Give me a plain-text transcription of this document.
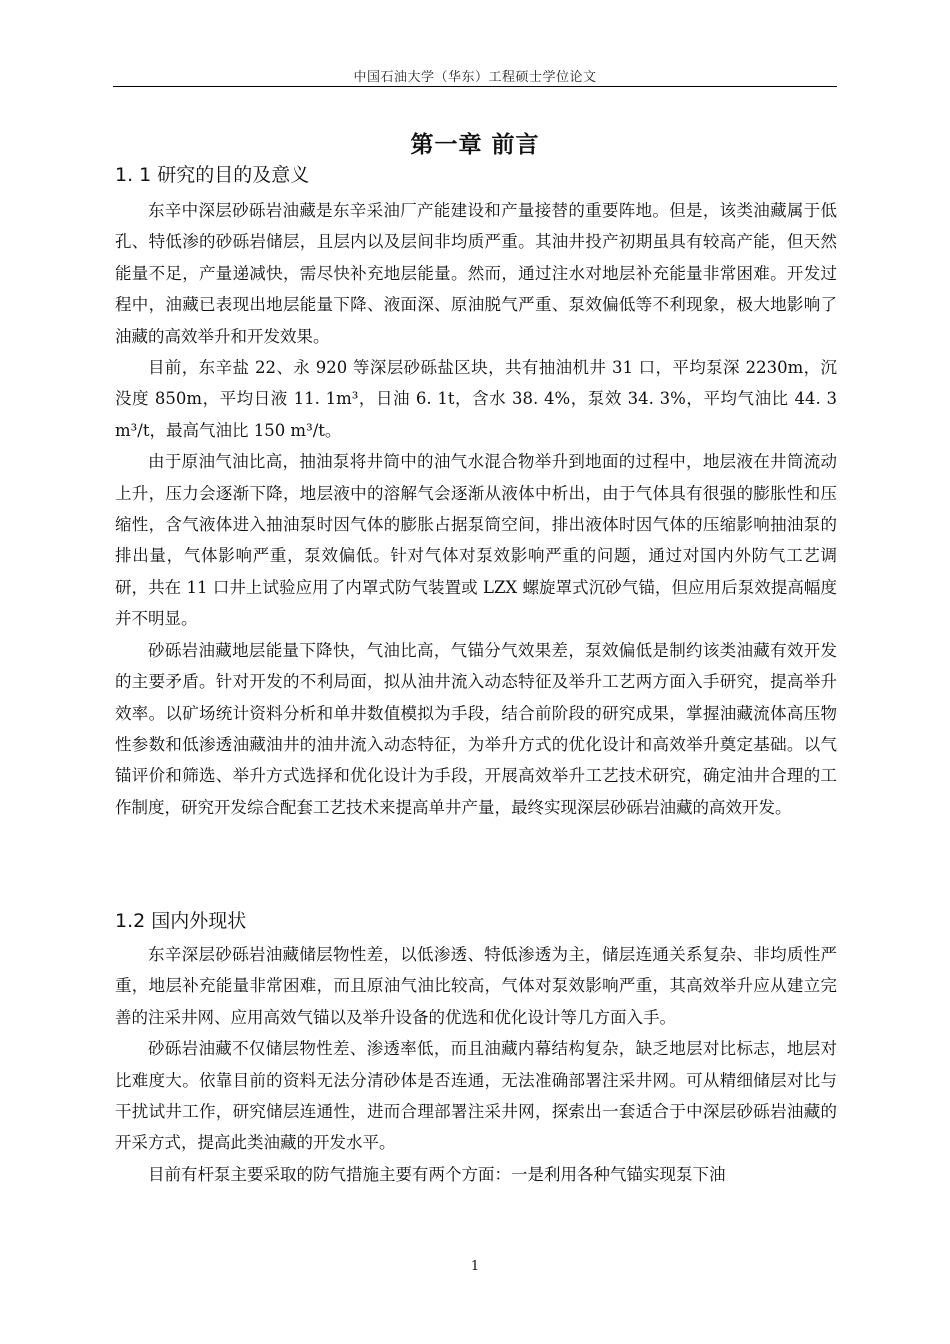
中国石油大学（华东）工程硕士学位论文
第一章 前言
1. 1 研究的目的及意义

东辛中深层砂砾岩油藏是东辛采油厂产能建设和产量接替的重要阵地。但是，该类油藏属于低孔、特低渗的砂砾岩储层，且层内以及层间非均质严重。其油井投产初期虽具有较高产能，但天然能量不足，产量递减快，需尽快补充地层能量。然而，通过注水对地层补充能量非常困难。开发过程中，油藏已表现出地层能量下降、液面深、原油脱气严重、泵效偏低等不利现象，极大地影响了油藏的高效举升和开发效果。

目前，东辛盐 22、永 920 等深层砂砾盐区块，共有抽油机井 31 口，平均泵深 2230m，沉没度 850m，平均日液 11. 1m³，日油 6. 1t，含水 38. 4%，泵效 34. 3%，平均气油比 44. 3 m³/t，最高气油比 150 m³/t。

由于原油气油比高，抽油泵将井筒中的油气水混合物举升到地面的过程中，地层液在井筒流动上升，压力会逐渐下降，地层液中的溶解气会逐渐从液体中析出，由于气体具有很强的膨胀性和压缩性，含气液体进入抽油泵时因气体的膨胀占据泵筒空间，排出液体时因气体的压缩影响抽油泵的排出量，气体影响严重，泵效偏低。针对气体对泵效影响严重的问题，通过对国内外防气工艺调研，共在 11 口井上试验应用了内罩式防气装置或 LZX 螺旋罩式沉砂气锚，但应用后泵效提高幅度并不明显。

砂砾岩油藏地层能量下降快，气油比高，气锚分气效果差，泵效偏低是制约该类油藏有效开发的主要矛盾。针对开发的不利局面，拟从油井流入动态特征及举升工艺两方面入手研究，提高举升效率。以矿场统计资料分析和单井数值模拟为手段，结合前阶段的研究成果，掌握油藏流体高压物性参数和低渗透油藏油井的油井流入动态特征，为举升方式的优化设计和高效举升奠定基础。以气锚评价和筛选、举升方式选择和优化设计为手段，开展高效举升工艺技术研究，确定油井合理的工作制度，研究开发综合配套工艺技术来提高单井产量，最终实现深层砂砾岩油藏的高效开发。

1.2 国内外现状

东辛深层砂砾岩油藏储层物性差，以低渗透、特低渗透为主，储层连通关系复杂、非均质性严重，地层补充能量非常困难，而且原油气油比较高，气体对泵效影响严重，其高效举升应从建立完善的注采井网、应用高效气锚以及举升设备的优选和优化设计等几方面入手。

砂砾岩油藏不仅储层物性差、渗透率低，而且油藏内幕结构复杂，缺乏地层对比标志，地层对比难度大。依靠目前的资料无法分清砂体是否连通，无法准确部署注采井网。可从精细储层对比与干扰试井工作，研究储层连通性，进而合理部署注采井网，探索出一套适合于中深层砂砾岩油藏的开采方式，提高此类油藏的开发水平。

目前有杆泵主要采取的防气措施主要有两个方面：一是利用各种气锚实现泵下油

1
